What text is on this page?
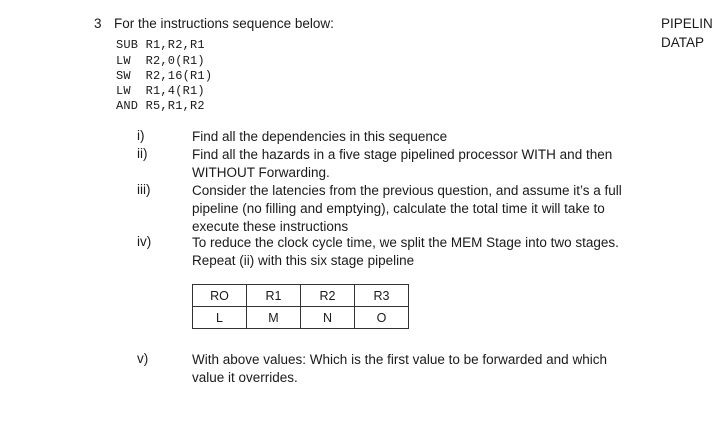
3 For the instructions sequence below:	PIPELIN
DATAP
SUB R1,R2,R1
LW  R2,0(R1)
SW  R2,16(R1)
LW  R1,4(R1)
AND R5,R1,R2
i)	Find all the dependencies in this sequence
ii)	Find all the hazards in a five stage pipelined processor WITH and then
WITHOUT Forwarding.
iii)	Consider the latencies from the previous question, and assume it’s a full
pipeline (no filling and emptying), calculate the total time it will take to
execute these instructions
iv)	To reduce the clock cycle time, we split the MEM Stage into two stages.
Repeat (ii) with this six stage pipeline
RO	R1	R2	R3
L	M	N	O
v)	With above values: Which is the first value to be forwarded and which
value it overrides.
